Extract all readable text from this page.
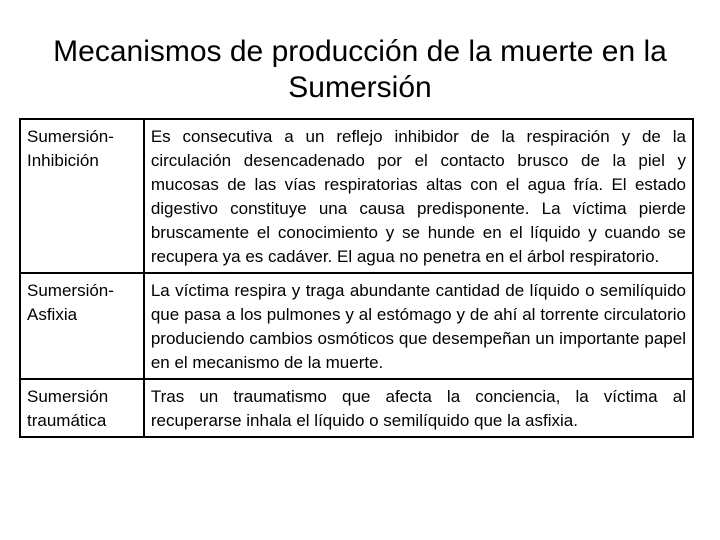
Mecanismos de producción de la muerte en la Sumersión
Sumersión- Inhibición	Es consecutiva a un reflejo inhibidor de la respiración y de la circulación desencadenado por el contacto brusco de la piel y mucosas de las vías respiratorias altas con el agua fría. El estado digestivo constituye una causa predisponente. La víctima pierde bruscamente el conocimiento y se hunde en el líquido y cuando se recupera ya es cadáver. El agua no penetra en el árbol respiratorio.
Sumersión- Asfixia	La víctima respira y traga abundante cantidad de líquido o semilíquido que pasa a los pulmones y al estómago y de ahí al torrente circulatorio produciendo cambios osmóticos que desempeñan un importante papel en el mecanismo de la muerte.
Sumersión traumática	Tras un traumatismo que afecta la conciencia, la víctima al recuperarse inhala el líquido o semilíquido que la asfixia.
